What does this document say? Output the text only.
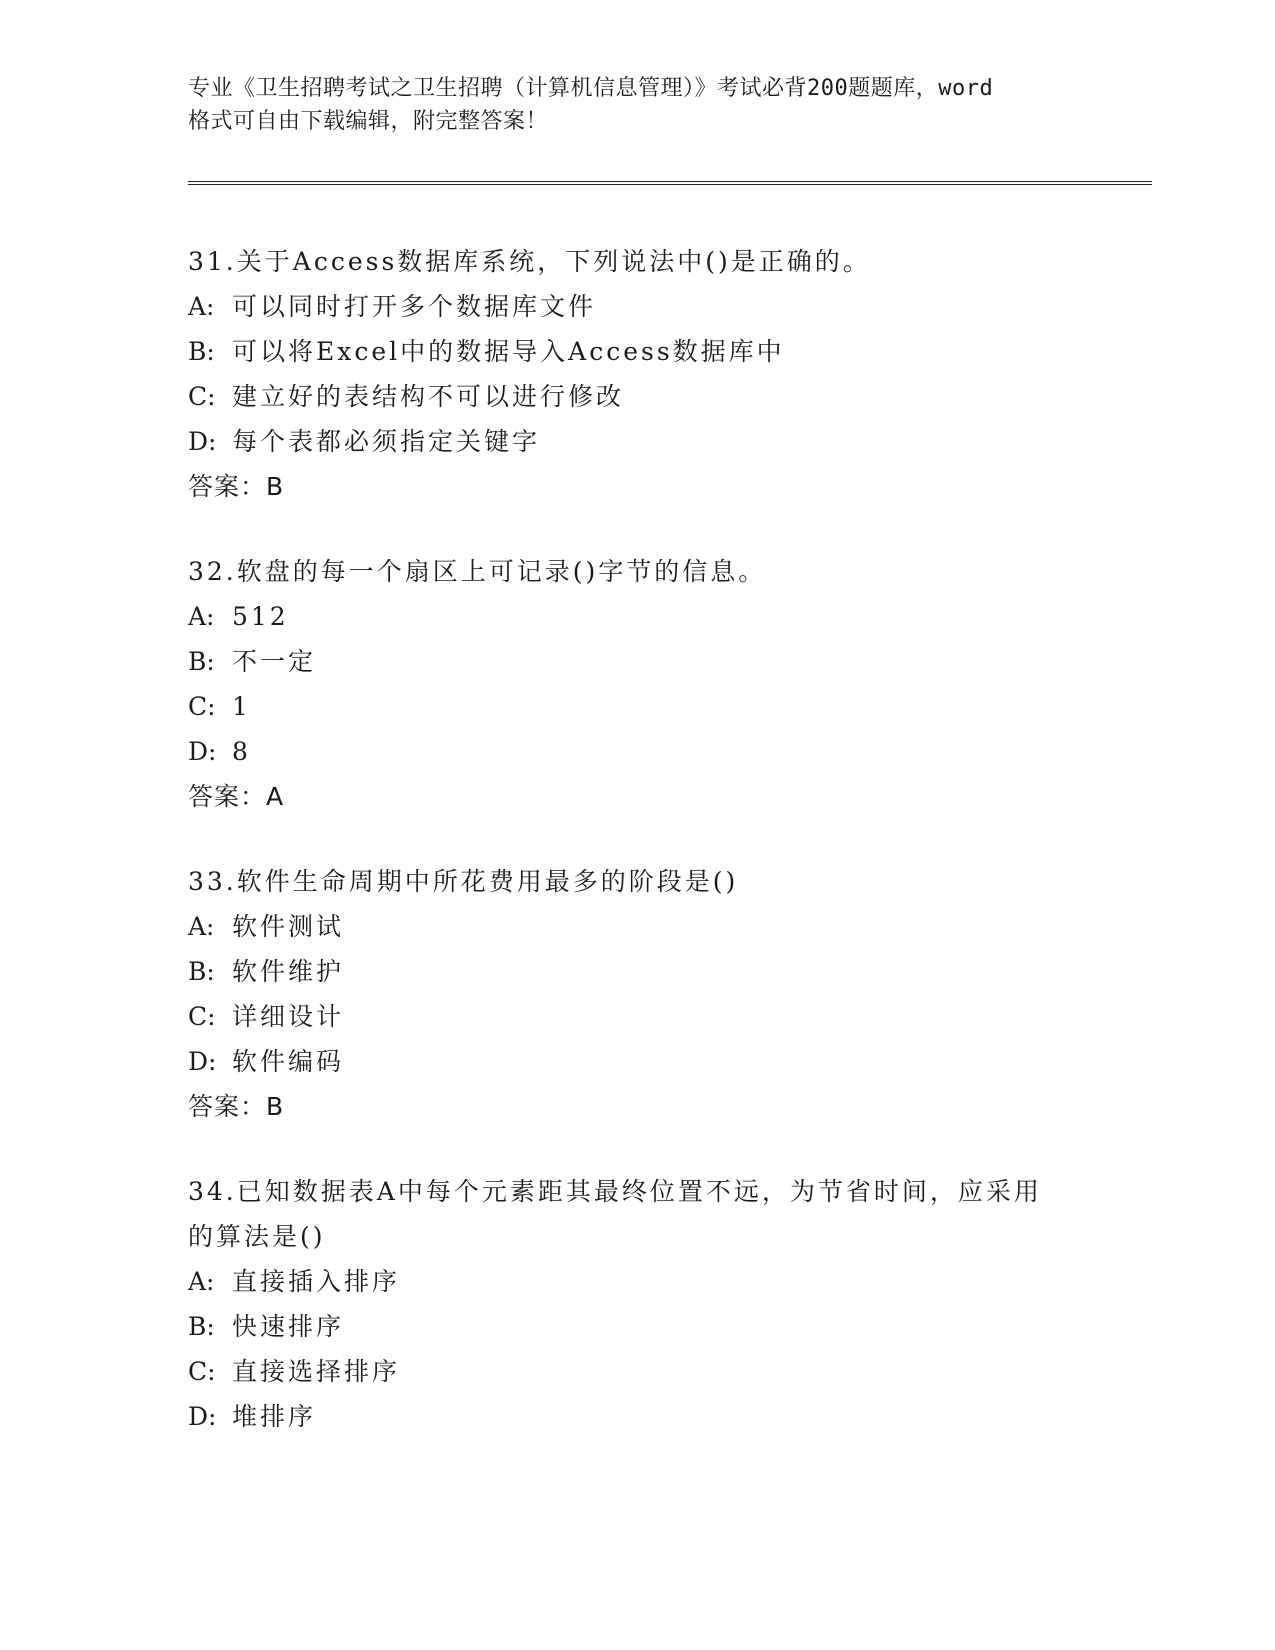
专业《卫生招聘考试之卫生招聘（计算机信息管理）》考试必背200题题库，word
格式可自由下载编辑，附完整答案！
31.关于Access数据库系统，下列说法中()是正确的。
A: 可以同时打开多个数据库文件
B: 可以将Excel中的数据导入Access数据库中
C: 建立好的表结构不可以进行修改
D: 每个表都必须指定关键字
答案：B
32.软盘的每一个扇区上可记录()字节的信息。
A: 512
B: 不一定
C: 1
D: 8
答案：A
33.软件生命周期中所花费用最多的阶段是()
A: 软件测试
B: 软件维护
C: 详细设计
D: 软件编码
答案：B
34.已知数据表A中每个元素距其最终位置不远，为节省时间，应采用
的算法是()
A: 直接插入排序
B: 快速排序
C: 直接选择排序
D: 堆排序
